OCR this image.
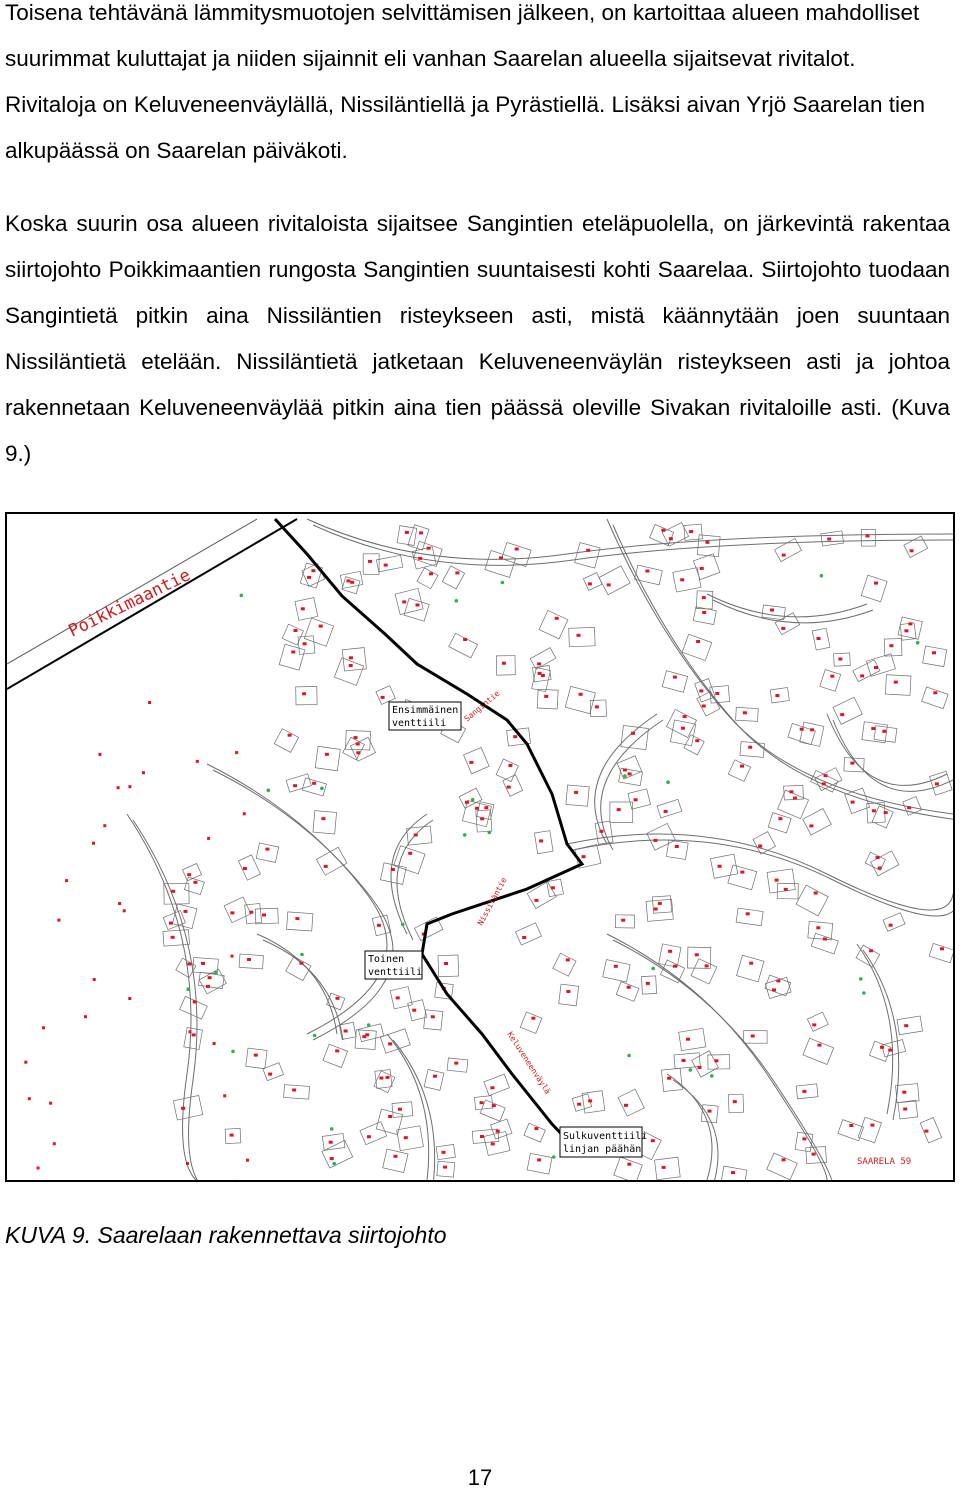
Toisena tehtävänä lämmitysmuotojen selvittämisen jälkeen, on kartoittaa alueen mahdolliset suurimmat kuluttajat ja niiden sijainnit eli vanhan Saarelan alueella sijaitsevat rivitalot. Rivitaloja on Keluveneenväylällä, Nissiläntiellä ja Pyrästiellä. Lisäksi aivan Yrjö Saarelan tien alkupäässä on Saarelan päiväkoti.

Koska suurin osa alueen rivitaloista sijaitsee Sangintien eteläpuolella, on järkevintä rakentaa siirtojohto Poikkimaantien rungosta Sangintien suuntaisesti kohti Saarelaa. Siirtojohto tuodaan Sangintietä pitkin aina Nissiläntien risteykseen asti, mistä käännytään joen suuntaan Nissiläntietä etelään. Nissiläntietä jatketaan Keluveneenväylän risteykseen asti ja johtoa rakennetaan Keluveneenväylää pitkin aina tien päässä oleville Sivakan rivitaloille asti. (Kuva 9.)

Poikkimaantie
Ensimmäinen
venttiili
Toinen
venttiili
Sulkuventtiili
linjan päähän
Sangintie
Nissiläntie
Keluveneenväylä
SAARELA 59
KUVA 9. Saarelaan rakennettava siirtojohto
17
